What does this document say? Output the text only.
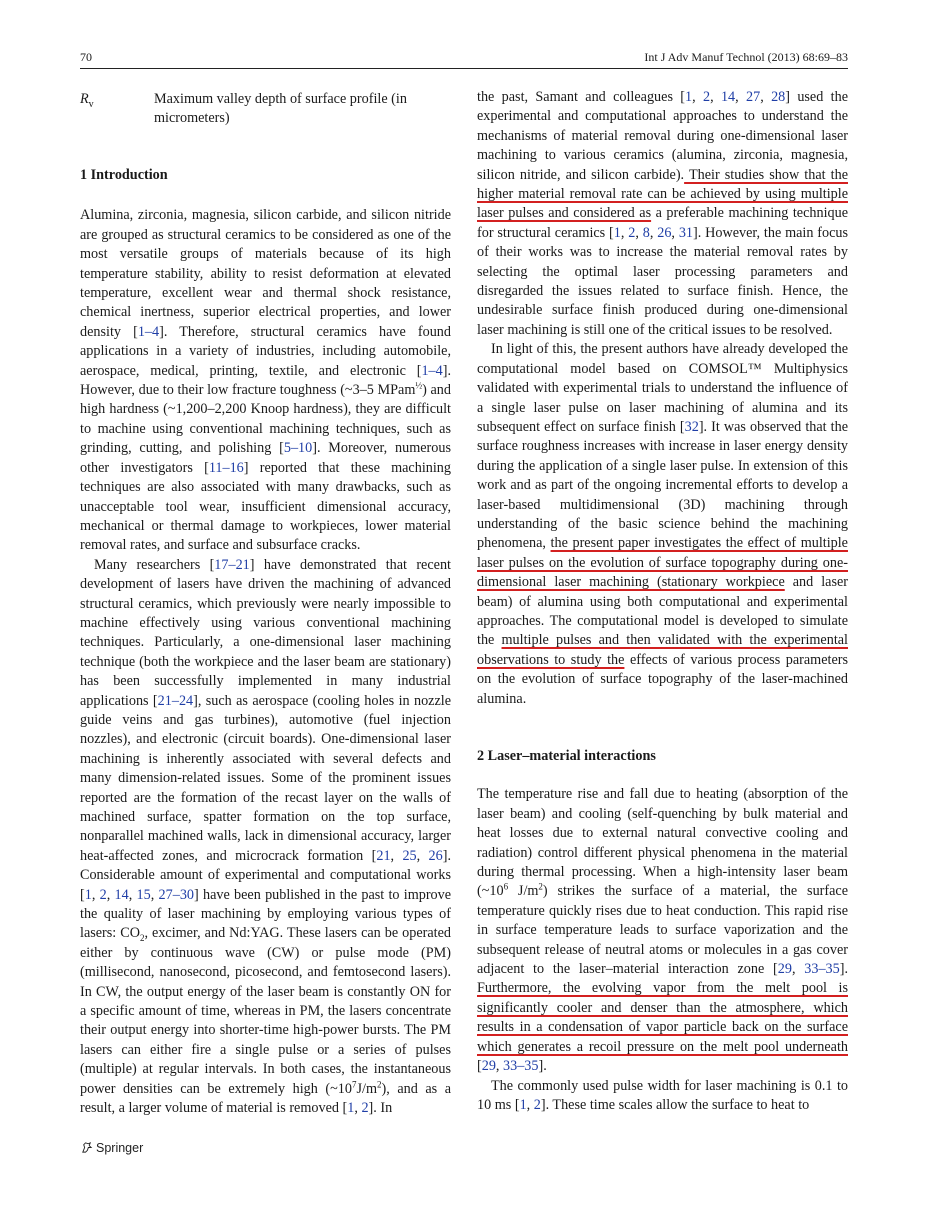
70	Int J Adv Manuf Technol (2013) 68:69–83
$R_v$	Maximum valley depth of surface profile (in micrometers)
1 Introduction

Alumina, zirconia, magnesia, silicon carbide, and silicon nitride are grouped as structural ceramics to be considered as one of the most versatile groups of materials because of its high temperature stability, ability to resist deformation at elevated temperature, excellent wear and thermal shock resistance, chemical inertness, superior electrical properties, and lower density [1–4]. Therefore, structural ceramics have found applications in a variety of industries, including automobile, aerospace, medical, printing, textile, and electronic [1–4]. However, due to their low fracture toughness (~3–5 MPam$^{\frac{1}{2}}$) and high hardness (~1,200–2,200 Knoop hardness), they are difficult to machine using conventional machining techniques, such as grinding, cutting, and polishing [5–10]. Moreover, numerous other investigators [11–16] reported that these machining techniques are also associated with many drawbacks, such as unacceptable tool wear, insufficient dimensional accuracy, mechanical or thermal damage to workpieces, lower material removal rates, and surface and subsurface cracks.

Many researchers [17–21] have demonstrated that recent development of lasers have driven the machining of advanced structural ceramics, which previously were nearly impossible to machine effectively using various conventional machining techniques. Particularly, a one-dimensional laser machining technique (both the workpiece and the laser beam are stationary) has been successfully implemented in many industrial applications [21–24], such as aerospace (cooling holes in nozzle guide veins and gas turbines), automotive (fuel injection nozzles), and electronic (circuit boards). One-dimensional laser machining is inherently associated with several defects and many dimension-related issues. Some of the prominent issues reported are the formation of the recast layer on the walls of machined surface, spatter formation on the top surface, nonparallel machined walls, lack in dimensional accuracy, larger heat-affected zones, and microcrack formation [21, 25, 26]. Considerable amount of experimental and computational works [1, 2, 14, 15, 27–30] have been published in the past to improve the quality of laser machining by employing various types of lasers: $CO_2$, excimer, and Nd:YAG. These lasers can be operated either by continuous wave (CW) or pulse mode (PM) (millisecond, nanosecond, picosecond, and femtosecond lasers). In CW, the output energy of the laser beam is constantly ON for a specific amount of time, whereas in PM, the lasers concentrate their output energy into shorter-time high-power bursts. The PM lasers can either fire a single pulse or a series of pulses (multiple) at regular intervals. In both cases, the instantaneous power densities can be extremely high $(\sim 10^7J/m^2)$, and as a result, a larger volume of material is removed [1, 2]. In

the past, Samant and colleagues [1, 2, 14, 27, 28] used the experimental and computational approaches to understand the mechanisms of material removal during one-dimensional laser machining to various ceramics (alumina, zirconia, magnesia, silicon nitride, and silicon carbide). Their studies show that the higher material removal rate can be achieved by using multiple laser pulses and considered as a preferable machining technique for structural ceramics [1, 2, 8, 26, 31]. However, the main focus of their works was to increase the material removal rates by selecting the optimal laser processing parameters and disregarded the issues related to surface finish. Hence, the undesirable surface finish produced during one-dimensional laser machining is still one of the critical issues to be resolved.

In light of this, the present authors have already developed the computational model based on COMSOL™ Multiphysics validated with experimental trials to understand the influence of a single laser pulse on laser machining of alumina and its subsequent effect on surface finish [32]. It was observed that the surface roughness increases with increase in laser energy density during the application of a single laser pulse. In extension of this work and as part of the ongoing incremental efforts to develop a laser-based multidimensional (3D) machining through understanding of the basic science behind the machining phenomena, the present paper investigates the effect of multiple laser pulses on the evolution of surface topography during one-dimensional laser machining (stationary workpiece and laser beam) of alumina using both computational and experimental approaches. The computational model is developed to simulate the multiple pulses and then validated with the experimental observations to study the effects of various process parameters on the evolution of surface topography of the laser-machined alumina.

2 Laser–material interactions

The temperature rise and fall due to heating (absorption of the laser beam) and cooling (self-quenching by bulk material and heat losses due to external natural convective cooling and radiation) control different physical phenomena in the material during thermal processing. When a high-intensity laser beam ($\sim 10^6$ $J/m^2$) strikes the surface of a material, the surface temperature quickly rises due to heat conduction. This rapid rise in surface temperature leads to surface vaporization and the subsequent release of neutral atoms or molecules in a gas cover adjacent to the laser–material interaction zone [29, 33–35]. Furthermore, the evolving vapor from the melt pool is significantly cooler and denser than the atmosphere, which results in a condensation of vapor particle back on the surface which generates a recoil pressure on the melt pool underneath [29, 33–35].

The commonly used pulse width for laser machining is 0.1 to 10 ms [1, 2]. These time scales allow the surface to heat to

Springer
